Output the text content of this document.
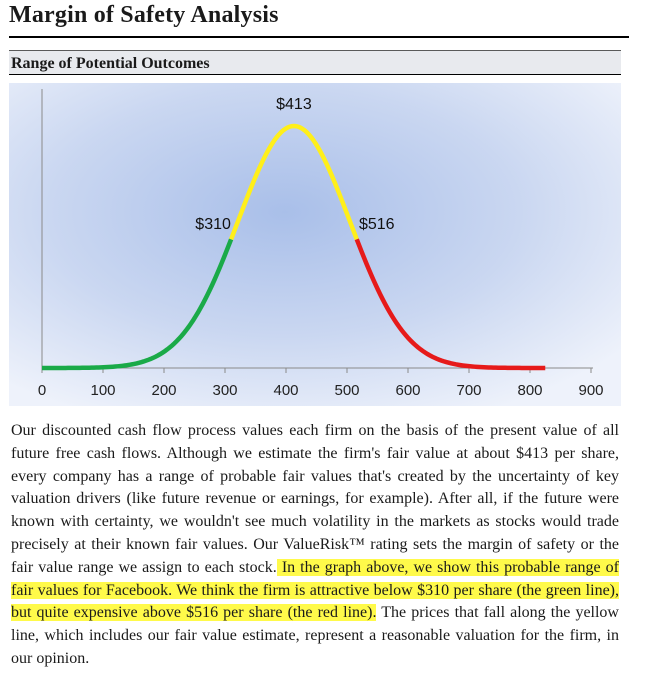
Margin of Safety Analysis
Range of Potential Outcomes
0	100 200 300 400 500 600 700 800 900
$413
$310	$516
Our discounted cash flow process values each firm on the basis of the present value of all future free cash flows. Although we estimate the firm's fair value at about $413 per share, every company has a range of probable fair values that's created by the uncertainty of key valuation drivers (like future revenue or earnings, for example). After all, if the future were known with certainty, we wouldn't see much volatility in the markets as stocks would trade precisely at their known fair values. Our ValueRisk™ rating sets the margin of safety or the fair value range we assign to each stock. In the graph above, we show this probable range of fair values for Facebook. We think the firm is attractive below $310 per share (the green line), but quite expensive above $516 per share (the red line). The prices that fall along the yellow line, which includes our fair value estimate, represent a reasonable valuation for the firm, in our opinion.
